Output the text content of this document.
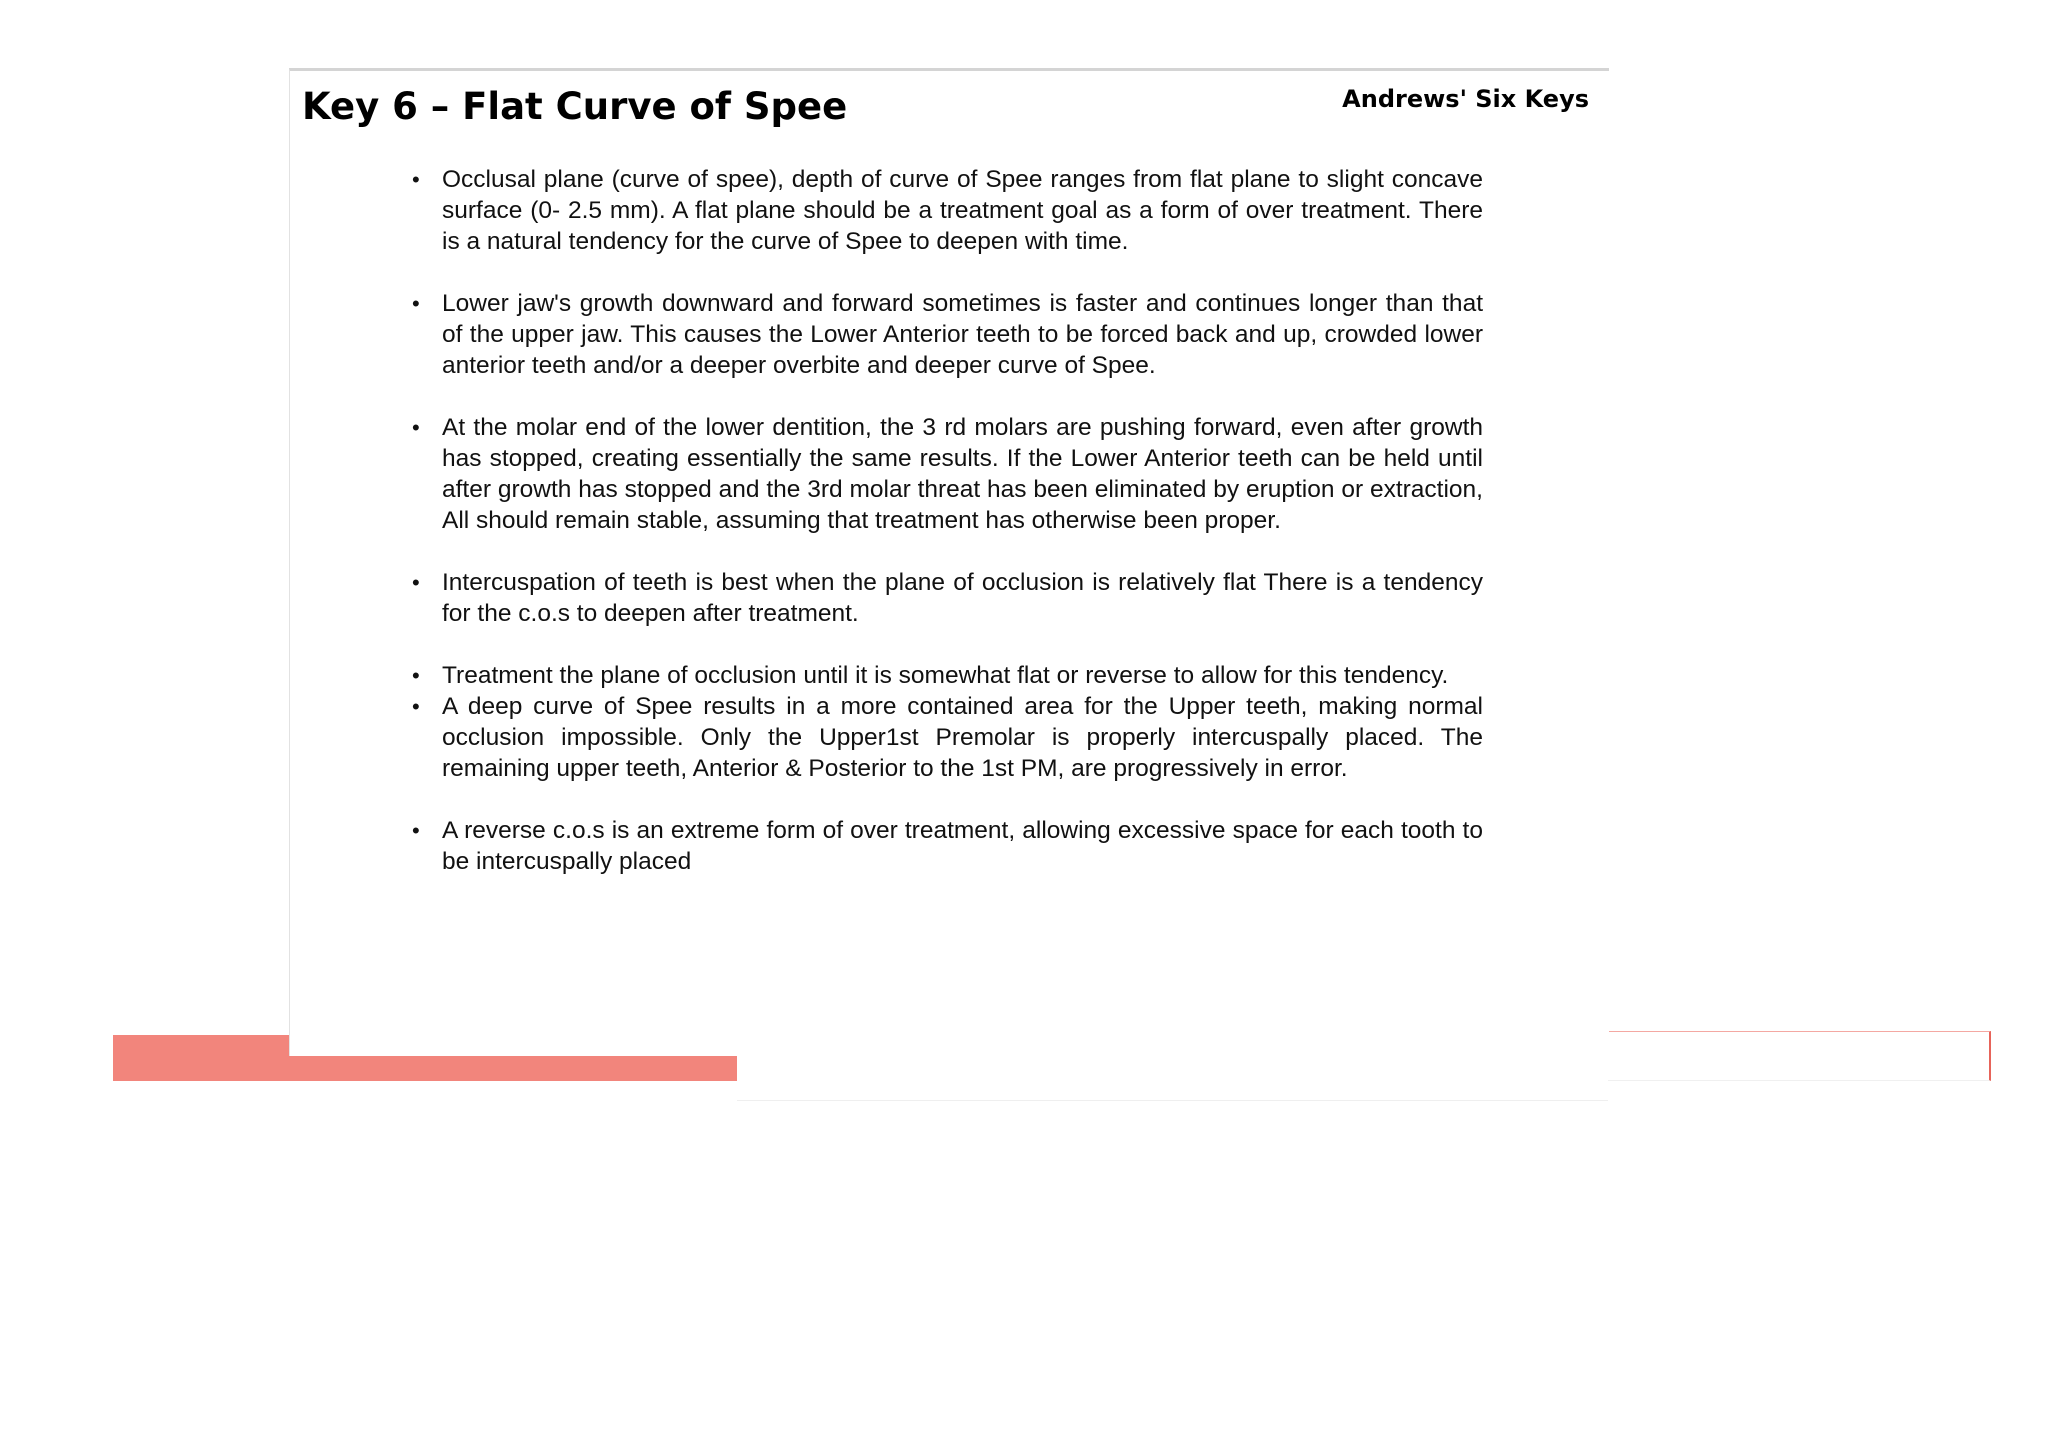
Key 6 – Flat Curve of Spee	Andrews' Six Keys
• Occlusal plane (curve of spee), depth of curve of Spee ranges from flat plane to slight concave surface (0- 2.5 mm). A flat plane should be a treatment goal as a form of over treatment. There is a natural tendency for the curve of Spee to deepen with time.
• Lower jaw's growth downward and forward sometimes is faster and continues longer than that of the upper jaw. This causes the Lower Anterior teeth to be forced back and up, crowded lower anterior teeth and/or a deeper overbite and deeper curve of Spee.
• At the molar end of the lower dentition, the 3 rd molars are pushing forward, even after growth has stopped, creating essentially the same results. If the Lower Anterior teeth can be held until after growth has stopped and the 3rd molar threat has been eliminated by eruption or extraction, All should remain stable, assuming that treatment has otherwise been proper.
• Intercuspation of teeth is best when the plane of occlusion is relatively flat There is a tendency for the c.o.s to deepen after treatment.
• Treatment the plane of occlusion until it is somewhat flat or reverse to allow for this tendency.
• A deep curve of Spee results in a more contained area for the Upper teeth, making normal occlusion impossible. Only the Upper1st Premolar is properly intercuspally placed. The remaining upper teeth, Anterior & Posterior to the 1st PM, are progressively in error.
• A reverse c.o.s is an extreme form of over treatment, allowing excessive space for each tooth to be intercuspally placed
